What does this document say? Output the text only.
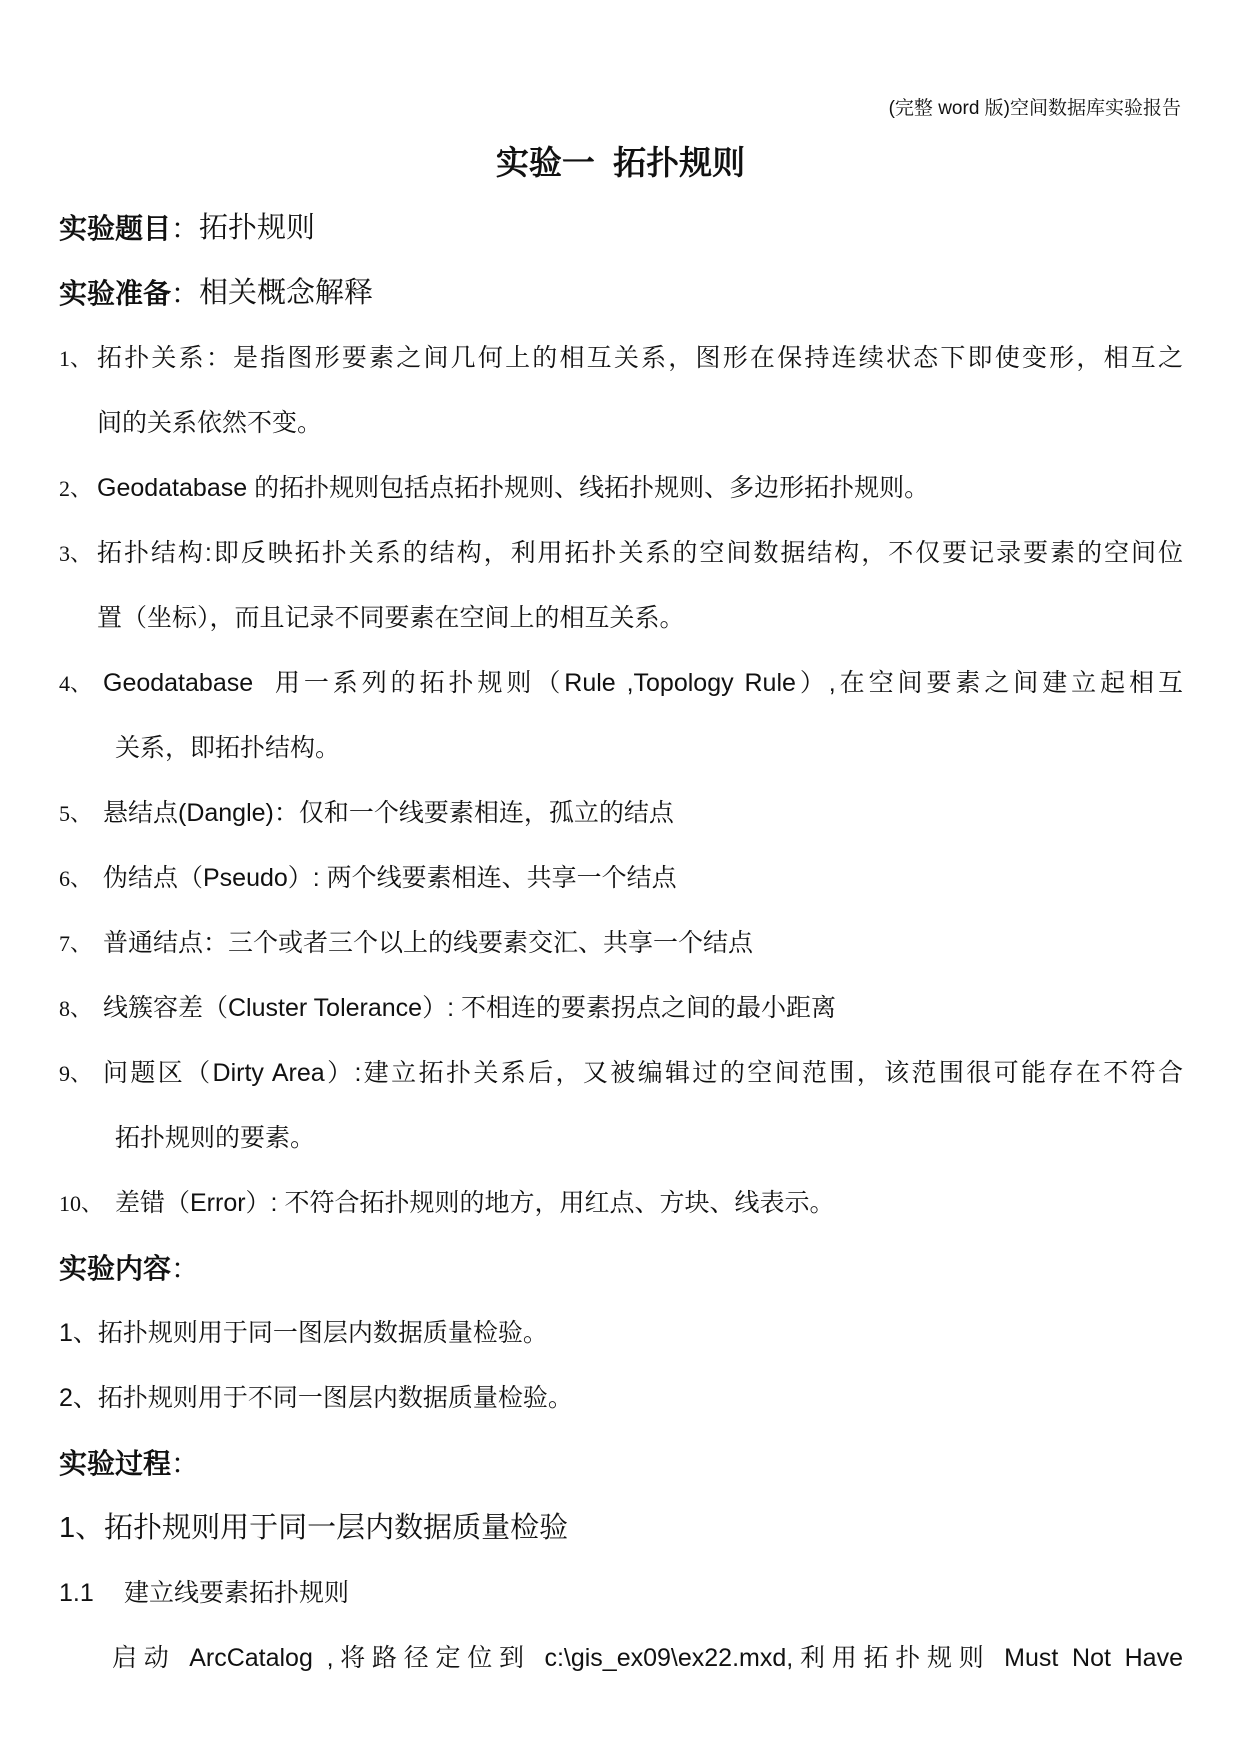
(完整 word 版)空间数据库实验报告
实验一  拓扑规则
实验题目 ： 拓扑规则
实验准备 ： 相关概念解释
1、 拓扑关系：是指图形要素之间几何上的相互关系，图形在保持连续状态下即使变形，相互之
间的关系依然不变。
2、 Geodatabase 的拓扑规则包括点拓扑规则、线拓扑规则、多边形拓扑规则。
3、 拓扑结构:即反映拓扑关系的结构，利用拓扑关系的空间数据结构，不仅要记录要素的空间位
置（坐标），而且记录不同要素在空间上的相互关系。
4、 Geodatabase  用一系列的拓扑规则（Rule ,Topology Rule）,在空间要素之间建立起相互
关系，即拓扑结构。
5、 悬结点(Dangle)：仅和一个线要素相连，孤立的结点
6、 伪结点（Pseudo）: 两个线要素相连、共享一个结点
7、 普通结点：三个或者三个以上的线要素交汇、共享一个结点
8、 线簇容差（Cluster Tolerance）: 不相连的要素拐点之间的最小距离
9、 问题区（Dirty Area）:建立拓扑关系后，又被编辑过的空间范围，该范围很可能存在不符合
拓扑规则的要素。
10、 差错（Error）: 不符合拓扑规则的地方，用红点、方块、线表示。
实验内容 ：
1、拓扑规则用于同一图层内数据质量检验。
2、拓扑规则用于不同一图层内数据质量检验。
实验过程 ：
1、拓扑规则用于同一层内数据质量检验
1.1	建立线要素拓扑规则
启动 ArcCatalog ,将路径定位到 c:\gis_ex09\ex22.mxd,利用拓扑规则 Must Not Have
